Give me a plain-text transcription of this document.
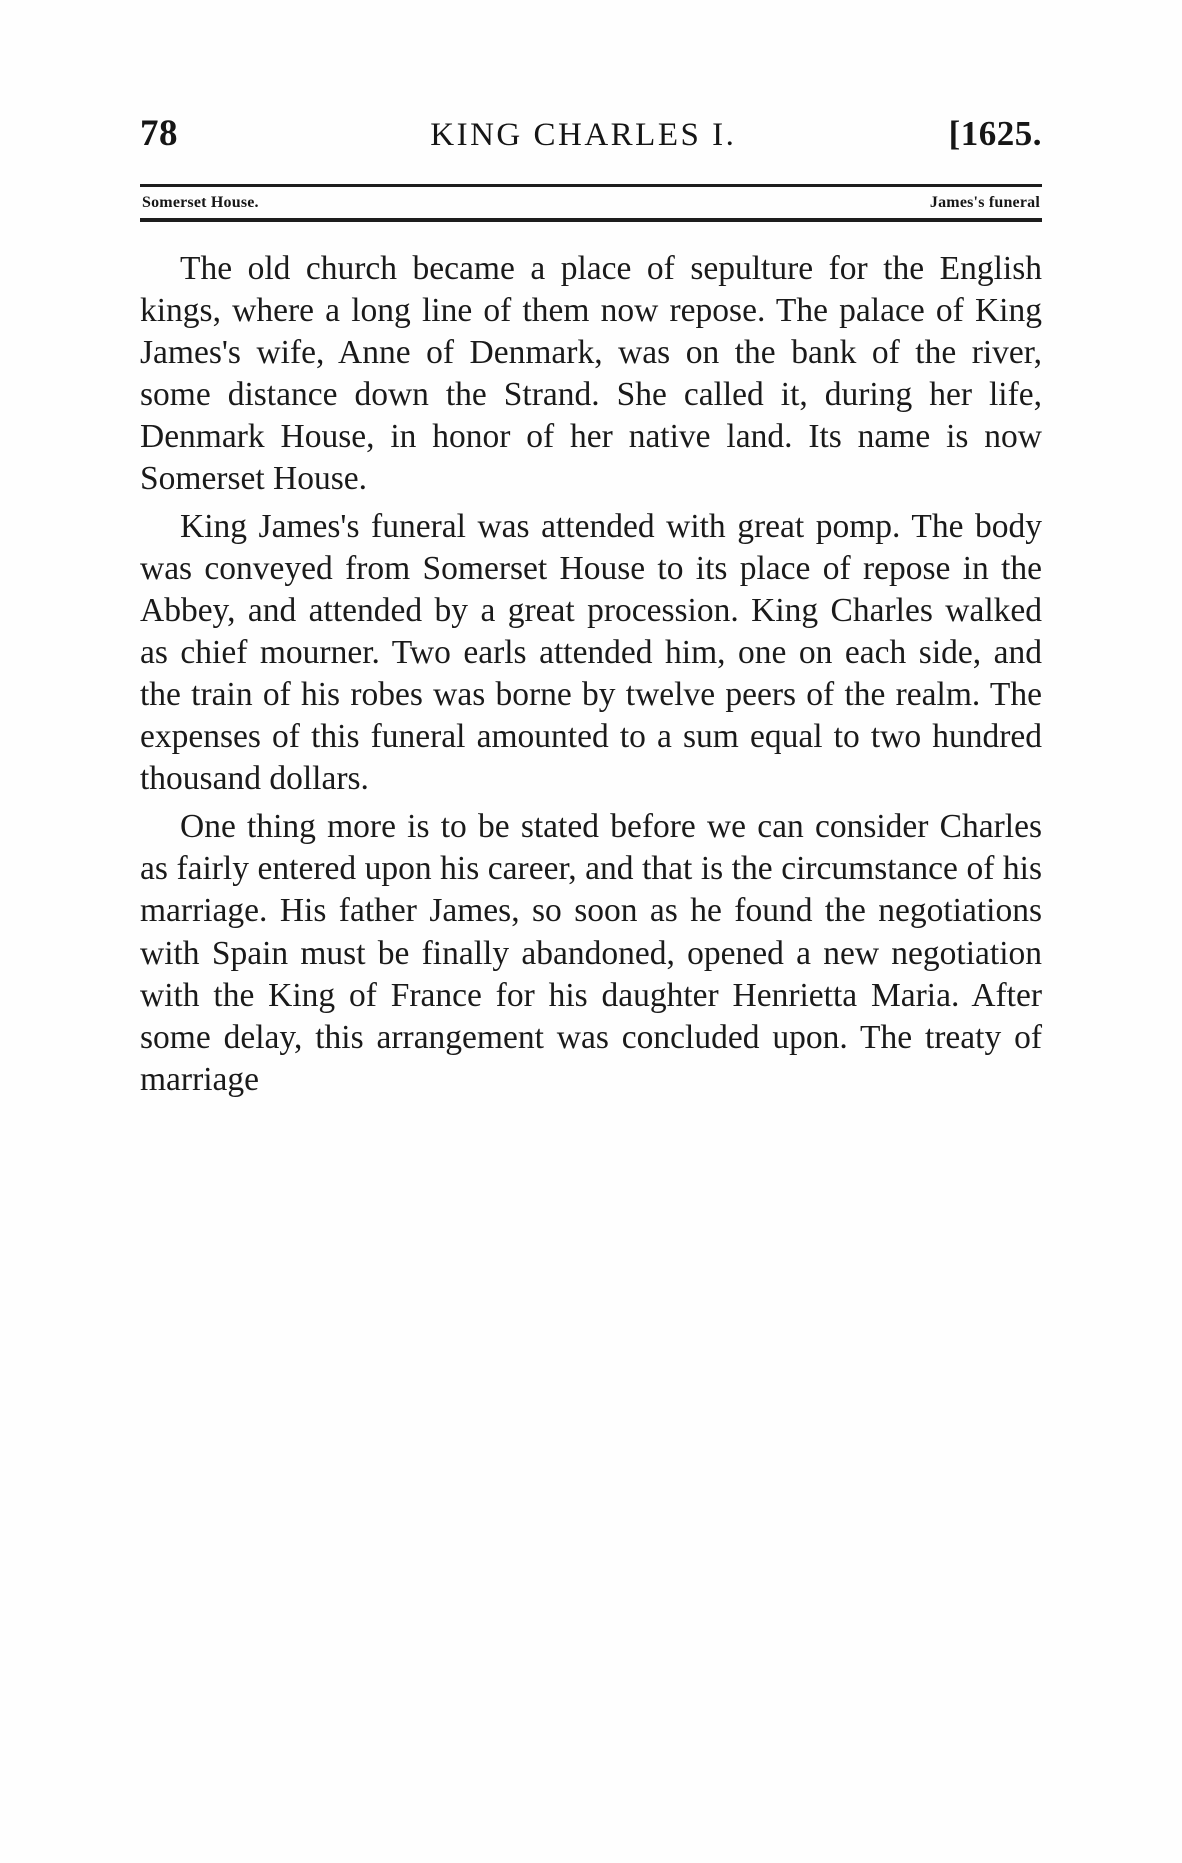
78	KING CHARLES I.	[1625.
Somerset House.	James's funeral

The old church became a place of sepulture for the English kings, where a long line of them now repose. The palace of King James's wife, Anne of Denmark, was on the bank of the river, some distance down the Strand. She called it, during her life, Denmark House, in honor of her native land. Its name is now Somerset House.

King James's funeral was attended with great pomp. The body was conveyed from Somerset House to its place of repose in the Abbey, and attended by a great procession. King Charles walked as chief mourner. Two earls attended him, one on each side, and the train of his robes was borne by twelve peers of the realm. The expenses of this funeral amounted to a sum equal to two hundred thousand dollars.

One thing more is to be stated before we can consider Charles as fairly entered upon his career, and that is the circumstance of his marriage. His father James, so soon as he found the negotiations with Spain must be finally abandoned, opened a new negotiation with the King of France for his daughter Henrietta Maria. After some delay, this arrangement was concluded upon. The treaty of marriage
